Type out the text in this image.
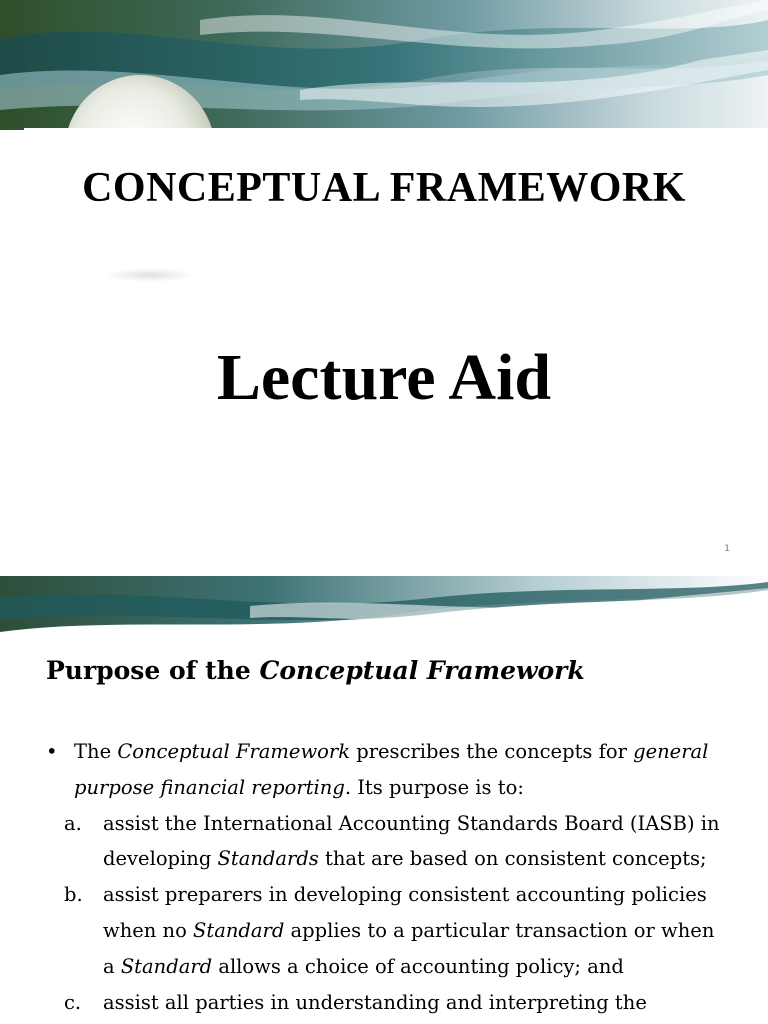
CONCEPTUAL FRAMEWORK
Lecture Aid
1
Purpose of the Conceptual Framework
• The Conceptual Framework prescribes the concepts for general purpose financial reporting. Its purpose is to:
a. assist the International Accounting Standards Board (IASB) in developing Standards that are based on consistent concepts;
b. assist preparers in developing consistent accounting policies when no Standard applies to a particular transaction or when a Standard allows a choice of accounting policy; and
c. assist all parties in understanding and interpreting the
